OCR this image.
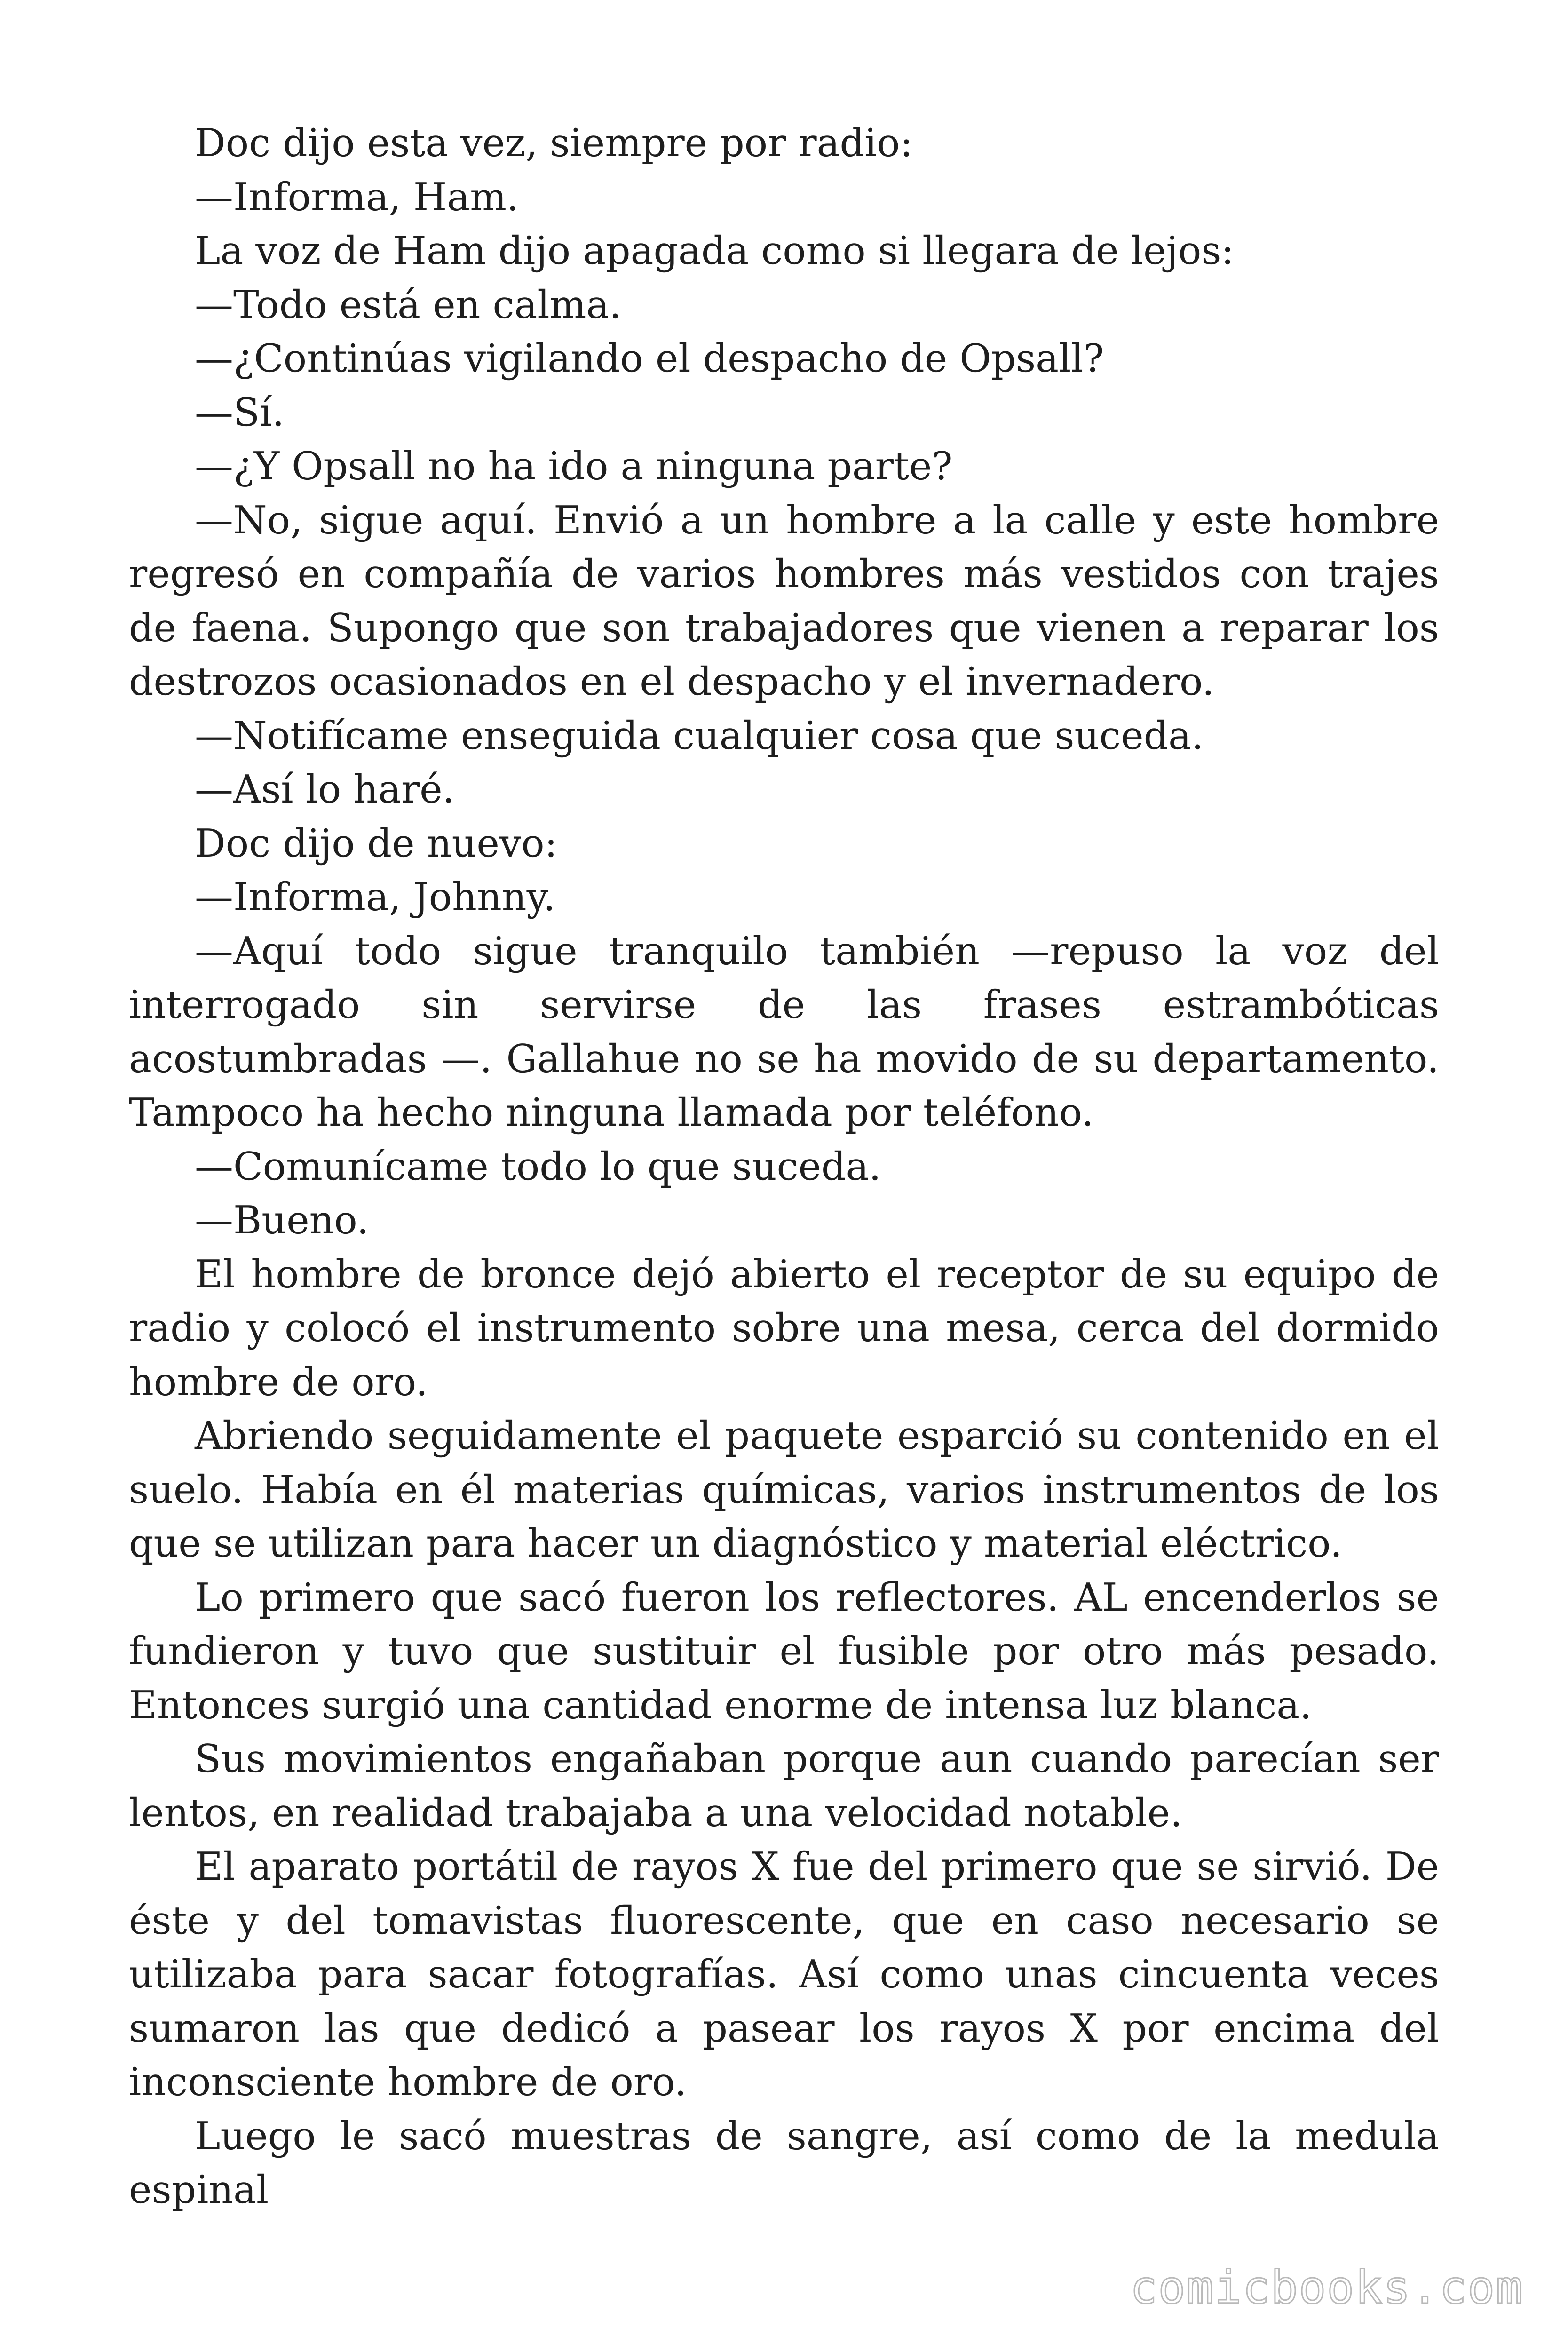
Doc dijo esta vez, siempre por radio:

—Informa, Ham.

La voz de Ham dijo apagada como si llegara de lejos:

—Todo está en calma.

—¿Continúas vigilando el despacho de Opsall?

—Sí.

—¿Y Opsall no ha ido a ninguna parte?

—No, sigue aquí. Envió a un hombre a la calle y este hombre regresó en compañía de varios hombres más vestidos con trajes de faena. Supongo que son trabajadores que vienen a reparar los destrozos ocasionados en el despacho y el invernadero.

—Notifícame enseguida cualquier cosa que suceda.

—Así lo haré.

Doc dijo de nuevo:

—Informa, Johnny.

—Aquí todo sigue tranquilo también —repuso la voz del interrogado sin servirse de las frases estrambóticas acostumbradas —. Gallahue no se ha movido de su departamento. Tampoco ha hecho ninguna llamada por teléfono.

—Comunícame todo lo que suceda.

—Bueno.

El hombre de bronce dejó abierto el receptor de su equipo de radio y colocó el instrumento sobre una mesa, cerca del dormido hombre de oro.

Abriendo seguidamente el paquete esparció su contenido en el suelo. Había en él materias químicas, varios instrumentos de los que se utilizan para hacer un diagnóstico y material eléctrico.

Lo primero que sacó fueron los reflectores. AL encenderlos se fundieron y tuvo que sustituir el fusible por otro más pesado. Entonces surgió una cantidad enorme de intensa luz blanca.

Sus movimientos engañaban porque aun cuando parecían ser lentos, en realidad trabajaba a una velocidad notable.

El aparato portátil de rayos X fue del primero que se sirvió. De éste y del tomavistas fluorescente, que en caso necesario se utilizaba para sacar fotografías. Así como unas cincuenta veces sumaron las que dedicó a pasear los rayos X por encima del inconsciente hombre de oro.

Luego le sacó muestras de sangre, así como de la medula espinal

comicbooks.com
